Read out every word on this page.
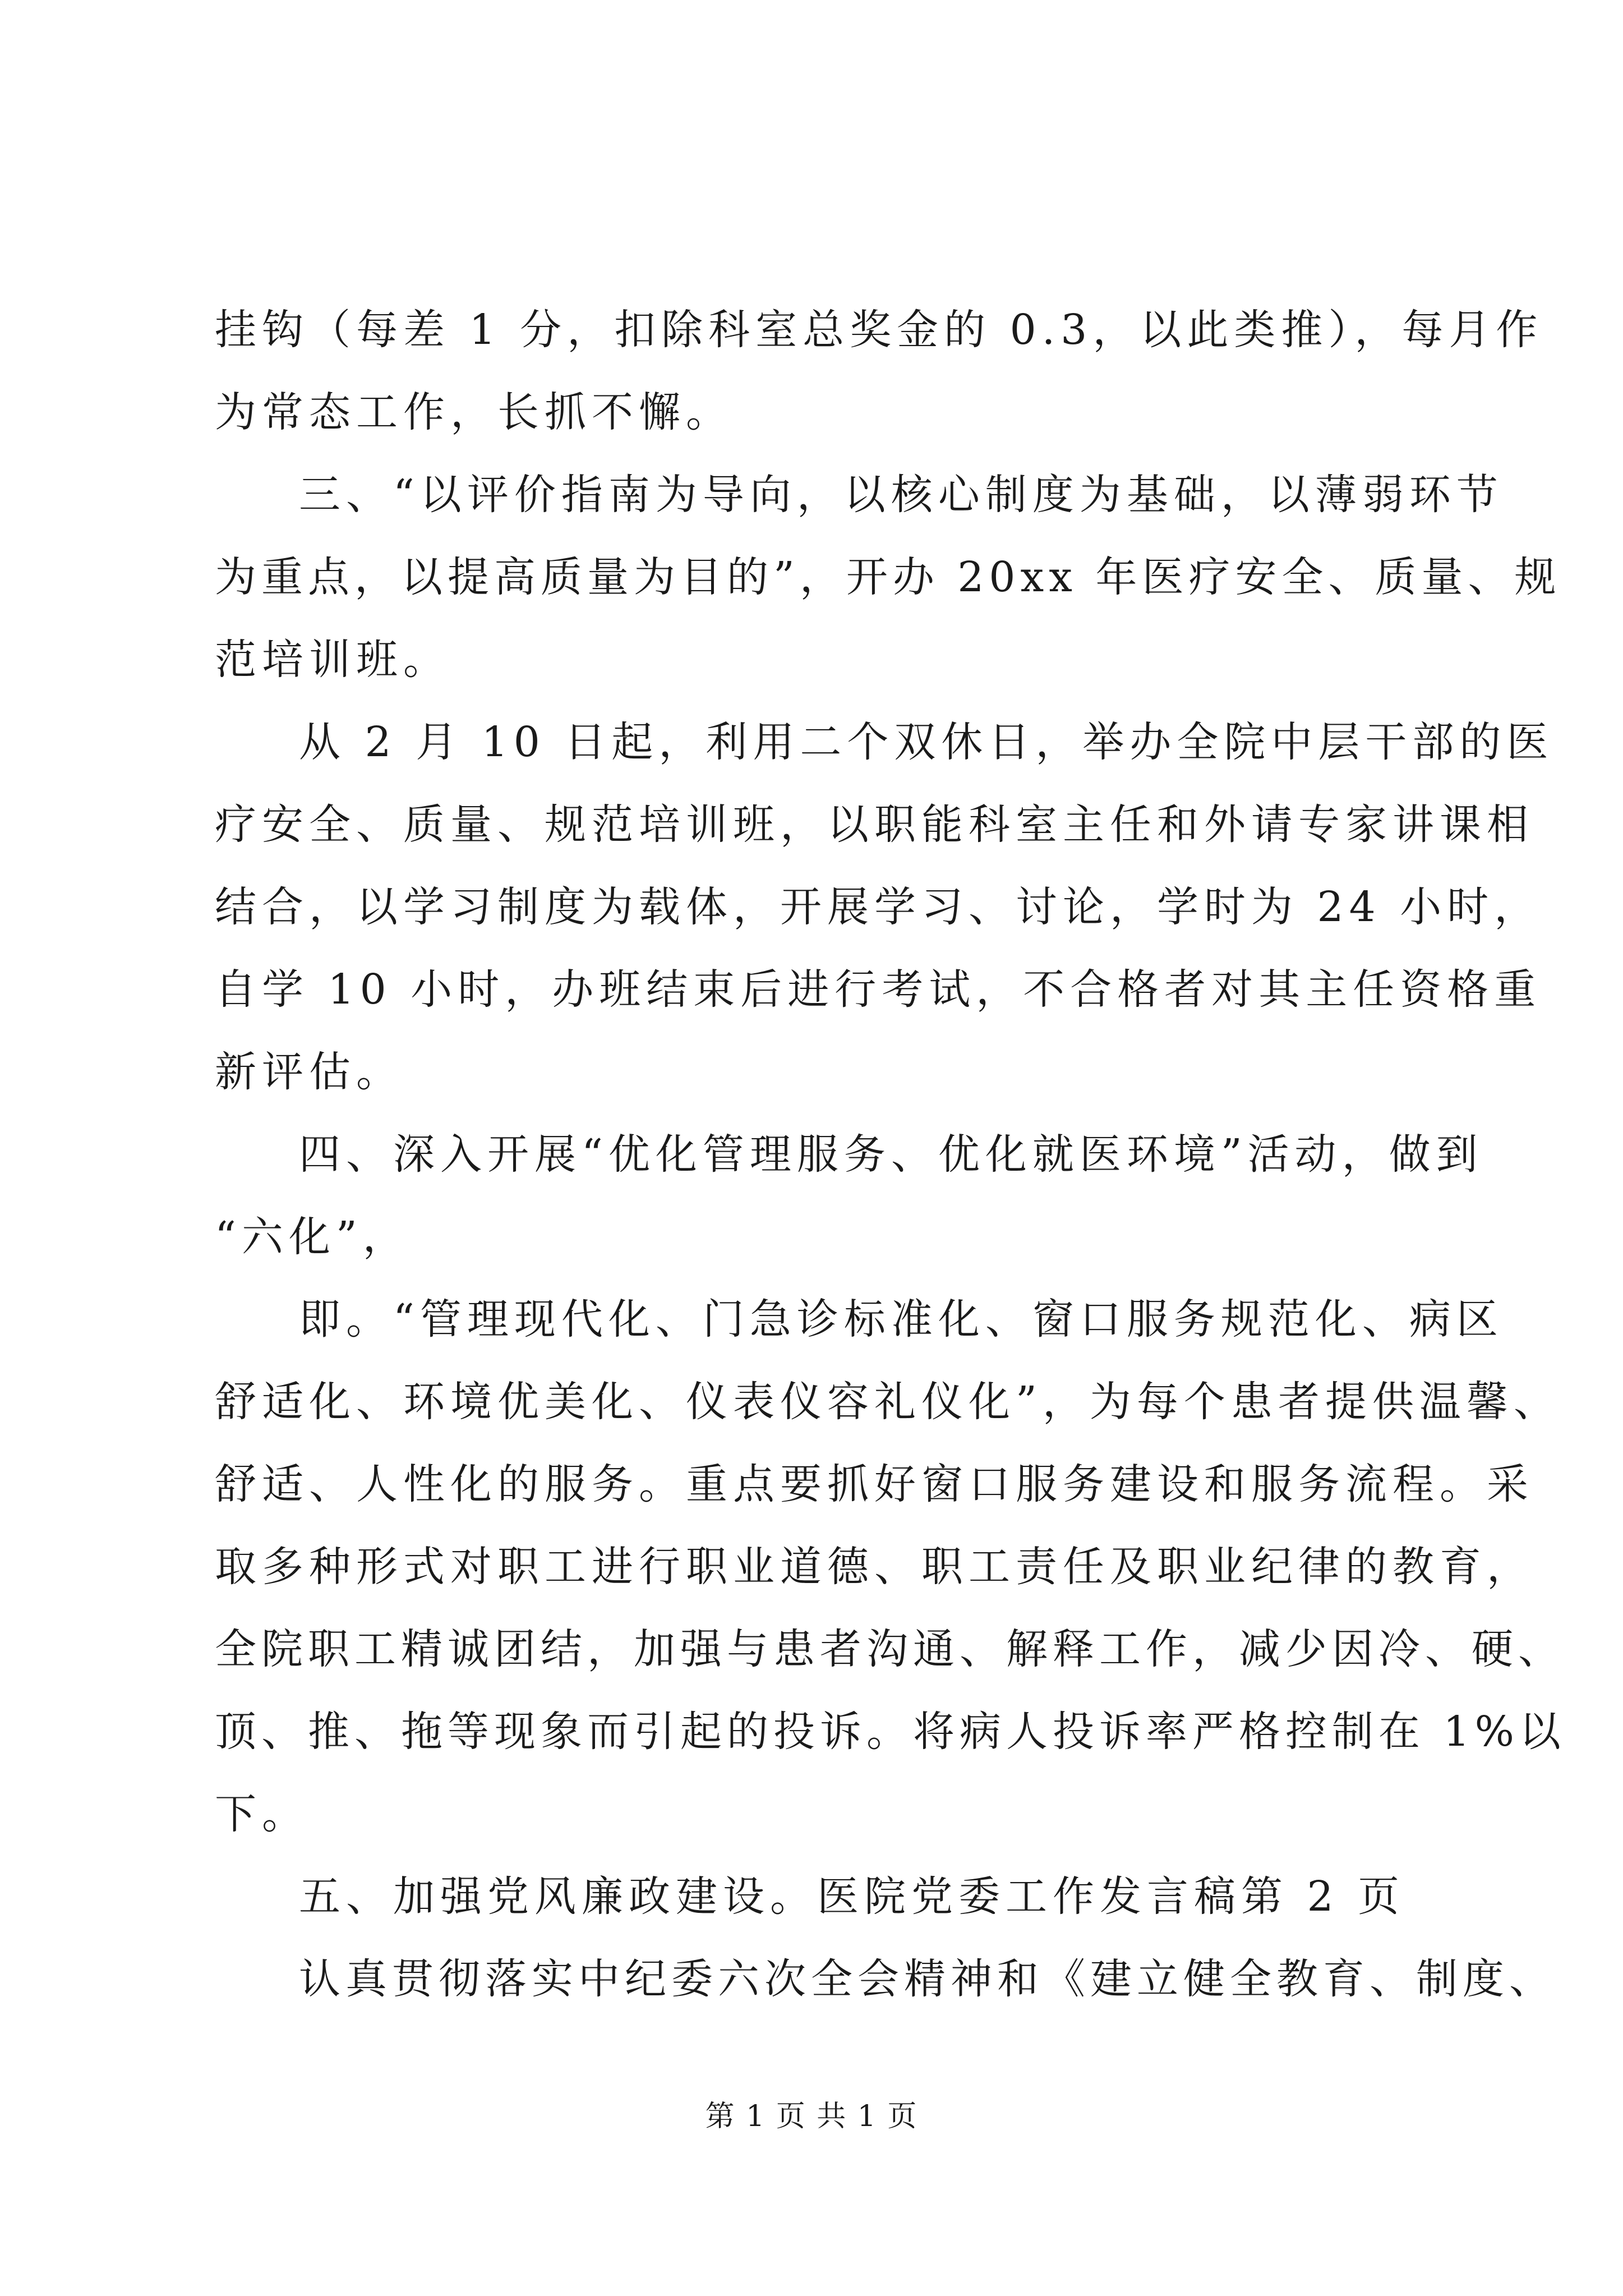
挂钩（每差 1 分，扣除科室总奖金的 0.3，以此类推），每月作

为常态工作，长抓不懈。

三、“以评价指南为导向，以核心制度为基础，以薄弱环节

为重点，以提高质量为目的”，开办 20xx 年医疗安全、质量、规

范培训班。

从 2 月 10 日起，利用二个双休日，举办全院中层干部的医

疗安全、质量、规范培训班，以职能科室主任和外请专家讲课相

结合，以学习制度为载体，开展学习、讨论，学时为 24 小时，

自学 10 小时，办班结束后进行考试，不合格者对其主任资格重

新评估。

四、深入开展“优化管理服务、优化就医环境”活动，做到

“六化”，

即。“管理现代化、门急诊标准化、窗口服务规范化、病区

舒适化、环境优美化、仪表仪容礼仪化”，为每个患者提供温馨、

舒适、人性化的服务。重点要抓好窗口服务建设和服务流程。采

取多种形式对职工进行职业道德、职工责任及职业纪律的教育，

全院职工精诚团结，加强与患者沟通、解释工作，减少因冷、硬、

顶、推、拖等现象而引起的投诉。将病人投诉率严格控制在 1%以

下。

五、加强党风廉政建设。医院党委工作发言稿第 2 页

认真贯彻落实中纪委六次全会精神和《建立健全教育、制度、

第 1 页 共 1 页
